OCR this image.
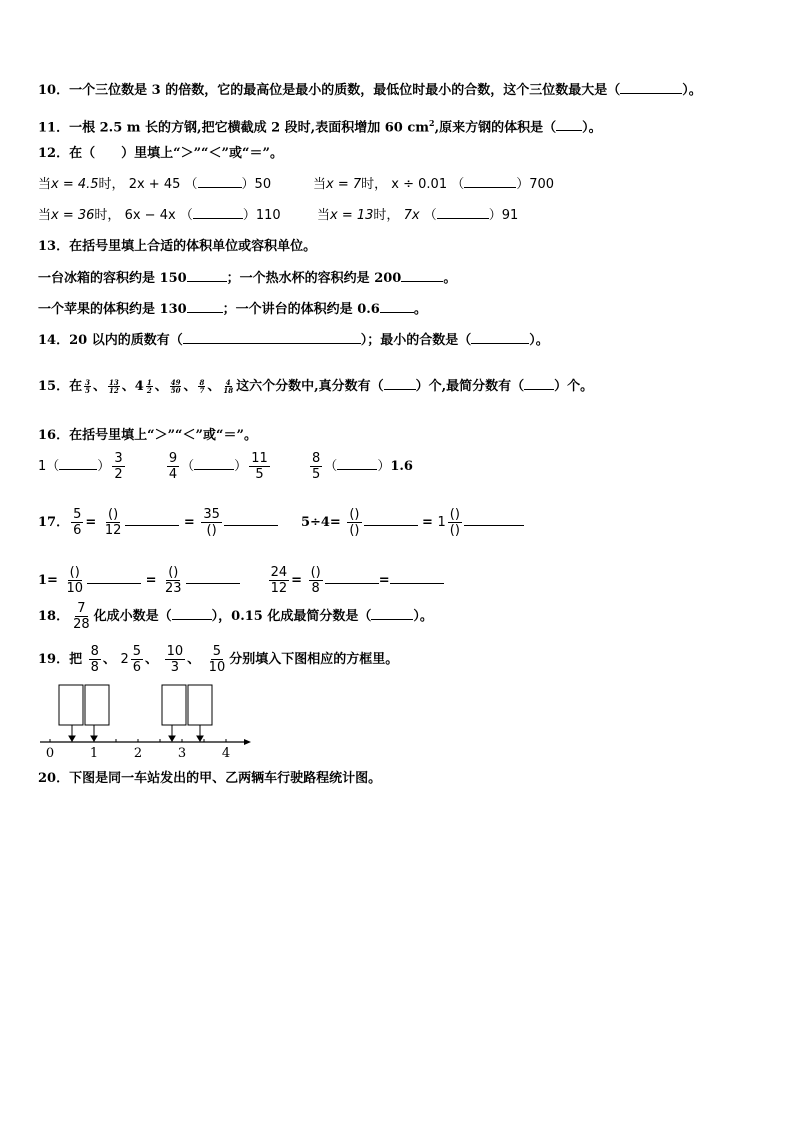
10．一个三位数是 3 的倍数，它的最高位是最小的质数，最低位时最小的合数，这个三位数最大是（	）。
11．一根 2.5 m 长的方钢,把它横截成 2 段时,表面积增加 60 $cm^2$,原来方钢的体积是（ ）。
12．在（　　）里填上“＞”“＜”或“＝”。
当x = 4.5时， 2x + 45 （	）50	当x = 7时， x ÷ 0.01 （	）700
当x = 36时， 6x − 4x （	）110	当x = 13时， 7x （	）91
13．在括号里填上合适的体积单位或容积单位。
一台冰箱的容积约是 150	；一个热水杯的容积约是 200	。
一个苹果的体积约是 130	；一个讲台的体积约是 0.6	。
14．20 以内的质数有（	）；最小的合数是（	）。
15．在 $\frac{3}{5}$ 、 $\frac{13}{12}$ 、$4 \frac{1}{2}$ 、 $\frac{49}{50}$ 、 $\frac{8}{7}$ 、 $\frac{4}{18}$ 这六个分数中,真分数有（ ）个,最简分数有（ ）个。
16．在括号里填上“＞”“＜”或“＝”。
1（	） $\frac{3}{2}$
	$\frac{9}{4}$ （	） $\frac{11}{5}$
	$\frac{8}{5}$ （	）1.6
17． $\frac{5}{6} = \frac{()}{12}$	= $\frac{35}{()}$	$5\div 4= \frac{()}{()}$	= $1 \frac{()}{()}$
$1= \frac{()}{10}$	= $\frac{()}{23}$
	$\frac{24}{12} = \frac{()}{8}$	=
18． $\frac{7}{28}$ 化成小数是（	），0.15 化成最简分数是（	）。
19．把 $\frac{8}{8}$ 、 $2 \frac{5}{6}$ 、 $\frac{10}{3}$ 、 $\frac{5}{10}$ 分别填入下图相应的方框里。
0	1	2	3	4
20．下图是同一车站发出的甲、乙两辆车行驶路程统计图。
